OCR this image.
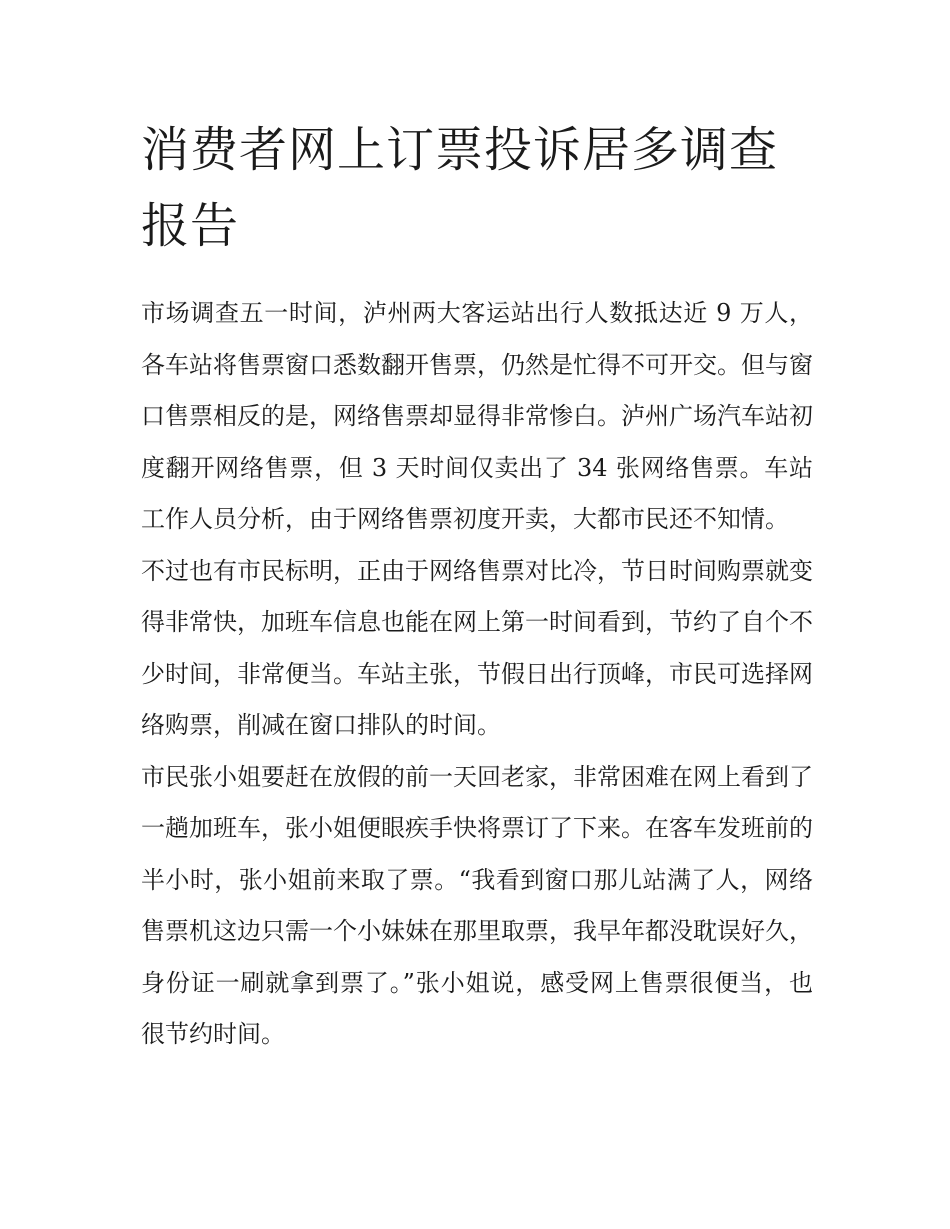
消费者网上订票投诉居多调查报告

市场调查五一时间，泸州两大客运站出行人数抵达近 9 万人，各车站将售票窗口悉数翻开售票，仍然是忙得不可开交。但与窗口售票相反的是，网络售票却显得非常惨白。泸州广场汽车站初度翻开网络售票，但 3 天时间仅卖出了 34 张网络售票。车站工作人员分析，由于网络售票初度开卖，大都市民还不知情。

不过也有市民标明，正由于网络售票对比冷，节日时间购票就变得非常快，加班车信息也能在网上第一时间看到，节约了自个不少时间，非常便当。车站主张，节假日出行顶峰，市民可选择网络购票，削减在窗口排队的时间。

市民张小姐要赶在放假的前一天回老家，非常困难在网上看到了一趟加班车，张小姐便眼疾手快将票订了下来。在客车发班前的半小时，张小姐前来取了票。“我看到窗口那儿站满了人，网络售票机这边只需一个小妹妹在那里取票，我早年都没耽误好久，身份证一刷就拿到票了。”张小姐说，感受网上售票很便当，也很节约时间。
